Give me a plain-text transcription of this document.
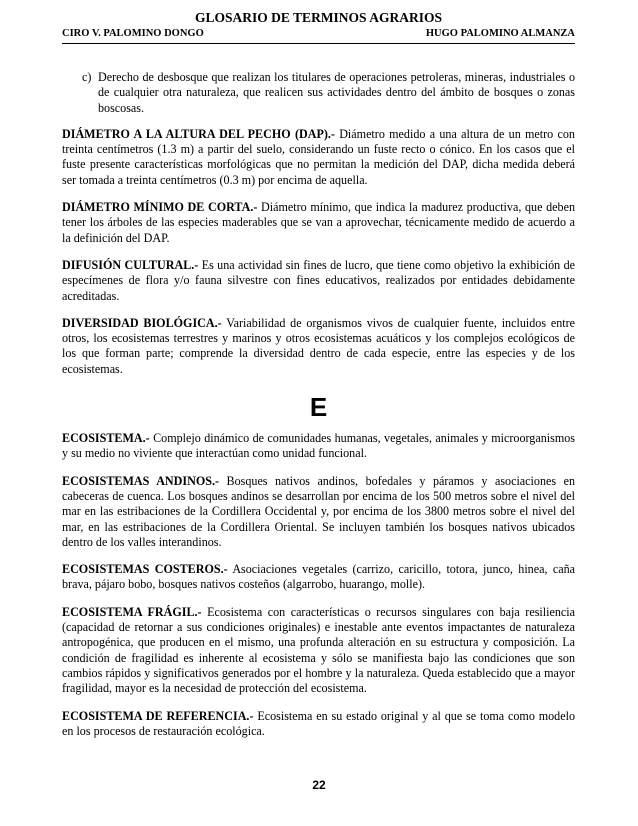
GLOSARIO DE TERMINOS AGRARIOS
CIRO V. PALOMINO DONGO	HUGO PALOMINO ALMANZA
c) Derecho de desbosque que realizan los titulares de operaciones petroleras, mineras, industriales o de cualquier otra naturaleza, que realicen sus actividades dentro del ámbito de bosques o zonas boscosas.

DIÁMETRO A LA ALTURA DEL PECHO (DAP).- Diámetro medido a una altura de un metro con treinta centímetros (1.3 m) a partir del suelo, considerando un fuste recto o cónico. En los casos que el fuste presente características morfológicas que no permitan la medición del DAP, dicha medida deberá ser tomada a treinta centímetros (0.3 m) por encima de aquella.

DIÁMETRO MÍNIMO DE CORTA.- Diámetro mínimo, que indica la madurez productiva, que deben tener los árboles de las especies maderables que se van a aprovechar, técnicamente medido de acuerdo a la definición del DAP.

DIFUSIÓN CULTURAL.- Es una actividad sin fines de lucro, que tiene como objetivo la exhibición de especímenes de flora y/o fauna silvestre con fines educativos, realizados por entidades debidamente acreditadas.

DIVERSIDAD BIOLÓGICA.- Variabilidad de organismos vivos de cualquier fuente, incluidos entre otros, los ecosistemas terrestres y marinos y otros ecosistemas acuáticos y los complejos ecológicos de los que forman parte; comprende la diversidad dentro de cada especie, entre las especies y de los ecosistemas.

E

ECOSISTEMA.- Complejo dinámico de comunidades humanas, vegetales, animales y microorganismos y su medio no viviente que interactúan como unidad funcional.

ECOSISTEMAS ANDINOS.- Bosques nativos andinos, bofedales y páramos y asociaciones en cabeceras de cuenca. Los bosques andinos se desarrollan por encima de los 500 metros sobre el nivel del mar en las estribaciones de la Cordillera Occidental y, por encima de los 3800 metros sobre el nivel del mar, en las estribaciones de la Cordillera Oriental. Se incluyen también los bosques nativos ubicados dentro de los valles interandinos.

ECOSISTEMAS COSTEROS.- Asociaciones vegetales (carrizo, caricillo, totora, junco, hinea, caña brava, pájaro bobo, bosques nativos costeños (algarrobo, huarango, molle).

ECOSISTEMA FRÁGIL.- Ecosistema con características o recursos singulares con baja resiliencia (capacidad de retornar a sus condiciones originales) e inestable ante eventos impactantes de naturaleza antropogénica, que producen en el mismo, una profunda alteración en su estructura y composición. La condición de fragilidad es inherente al ecosistema y sólo se manifiesta bajo las condiciones que son cambios rápidos y significativos generados por el hombre y la naturaleza. Queda establecido que a mayor fragilidad, mayor es la necesidad de protección del ecosistema.

ECOSISTEMA DE REFERENCIA.- Ecosistema en su estado original y al que se toma como modelo en los procesos de restauración ecológica.

22
